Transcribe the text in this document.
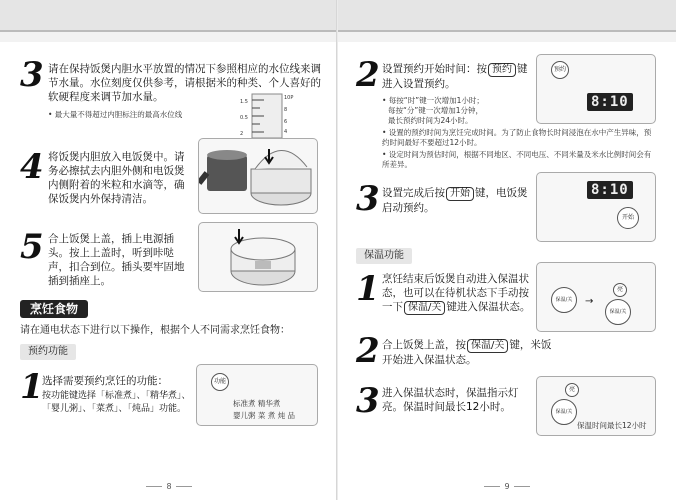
3 请在保持饭煲内胆水平放置的情况下参照相应的水位线来调节水量。水位刻度仅供参考，请根据米的种类、个人喜好的软硬程度来调节加水量。
• 最大量不得超过内胆标注的最高水位线
10P
8
1.5
6
4
0.5
2
4 将饭煲内胆放入电饭煲中。请务必擦拭去内胆外侧和电饭煲内侧附着的米粒和水滴等，确保饭煲内外保持清洁。
5 合上饭煲上盖，插上电源插头。按上上盖时，听到咔哒声，扣合到位。插头要牢固地插到插座上。
烹饪食物
请在通电状态下进行以下操作，根据个人不同需求烹饪食物：
预约功能
1
选择需要预约烹饪的功能：
按功能键选择「标准煮」、「精华煮」、「婴儿粥」、「菜煮」、「炖品」功能。
功能
标准煮 精华煮
婴儿粥 菜 煮 炖 品
8
2 设置预约开始时间：按 预约 键进入设置预约。
• 每按“时”键一次增加1小时；
每按“分”键一次增加1分钟，
最长预约时间为24小时。
• 设置的预约时间为烹饪完成时间。为了防止食物长时间浸泡在水中产生异味，预约时间最好不要超过12小时。
• 设定时间为预估时间，根据不同地区、不同电压、不同米量及米水比例时间会有所差异。
预约
8:10
3 设置完成后按 开始 键，电饭煲启动预约。
8:10
开始
保温功能
1 烹饪结束后饭煲自动进入保温状态，也可以在待机状态下手动按一下 保温/关 键进入保温状态。
保温/关	→
亮
保温/关
2 合上饭煲上盖，按 保温/关 键，米饭开始进入保温状态。
3 进入保温状态时，保温指示灯亮。保温时间最长12小时。
亮
保温/关
保温时间最长12小时
9
